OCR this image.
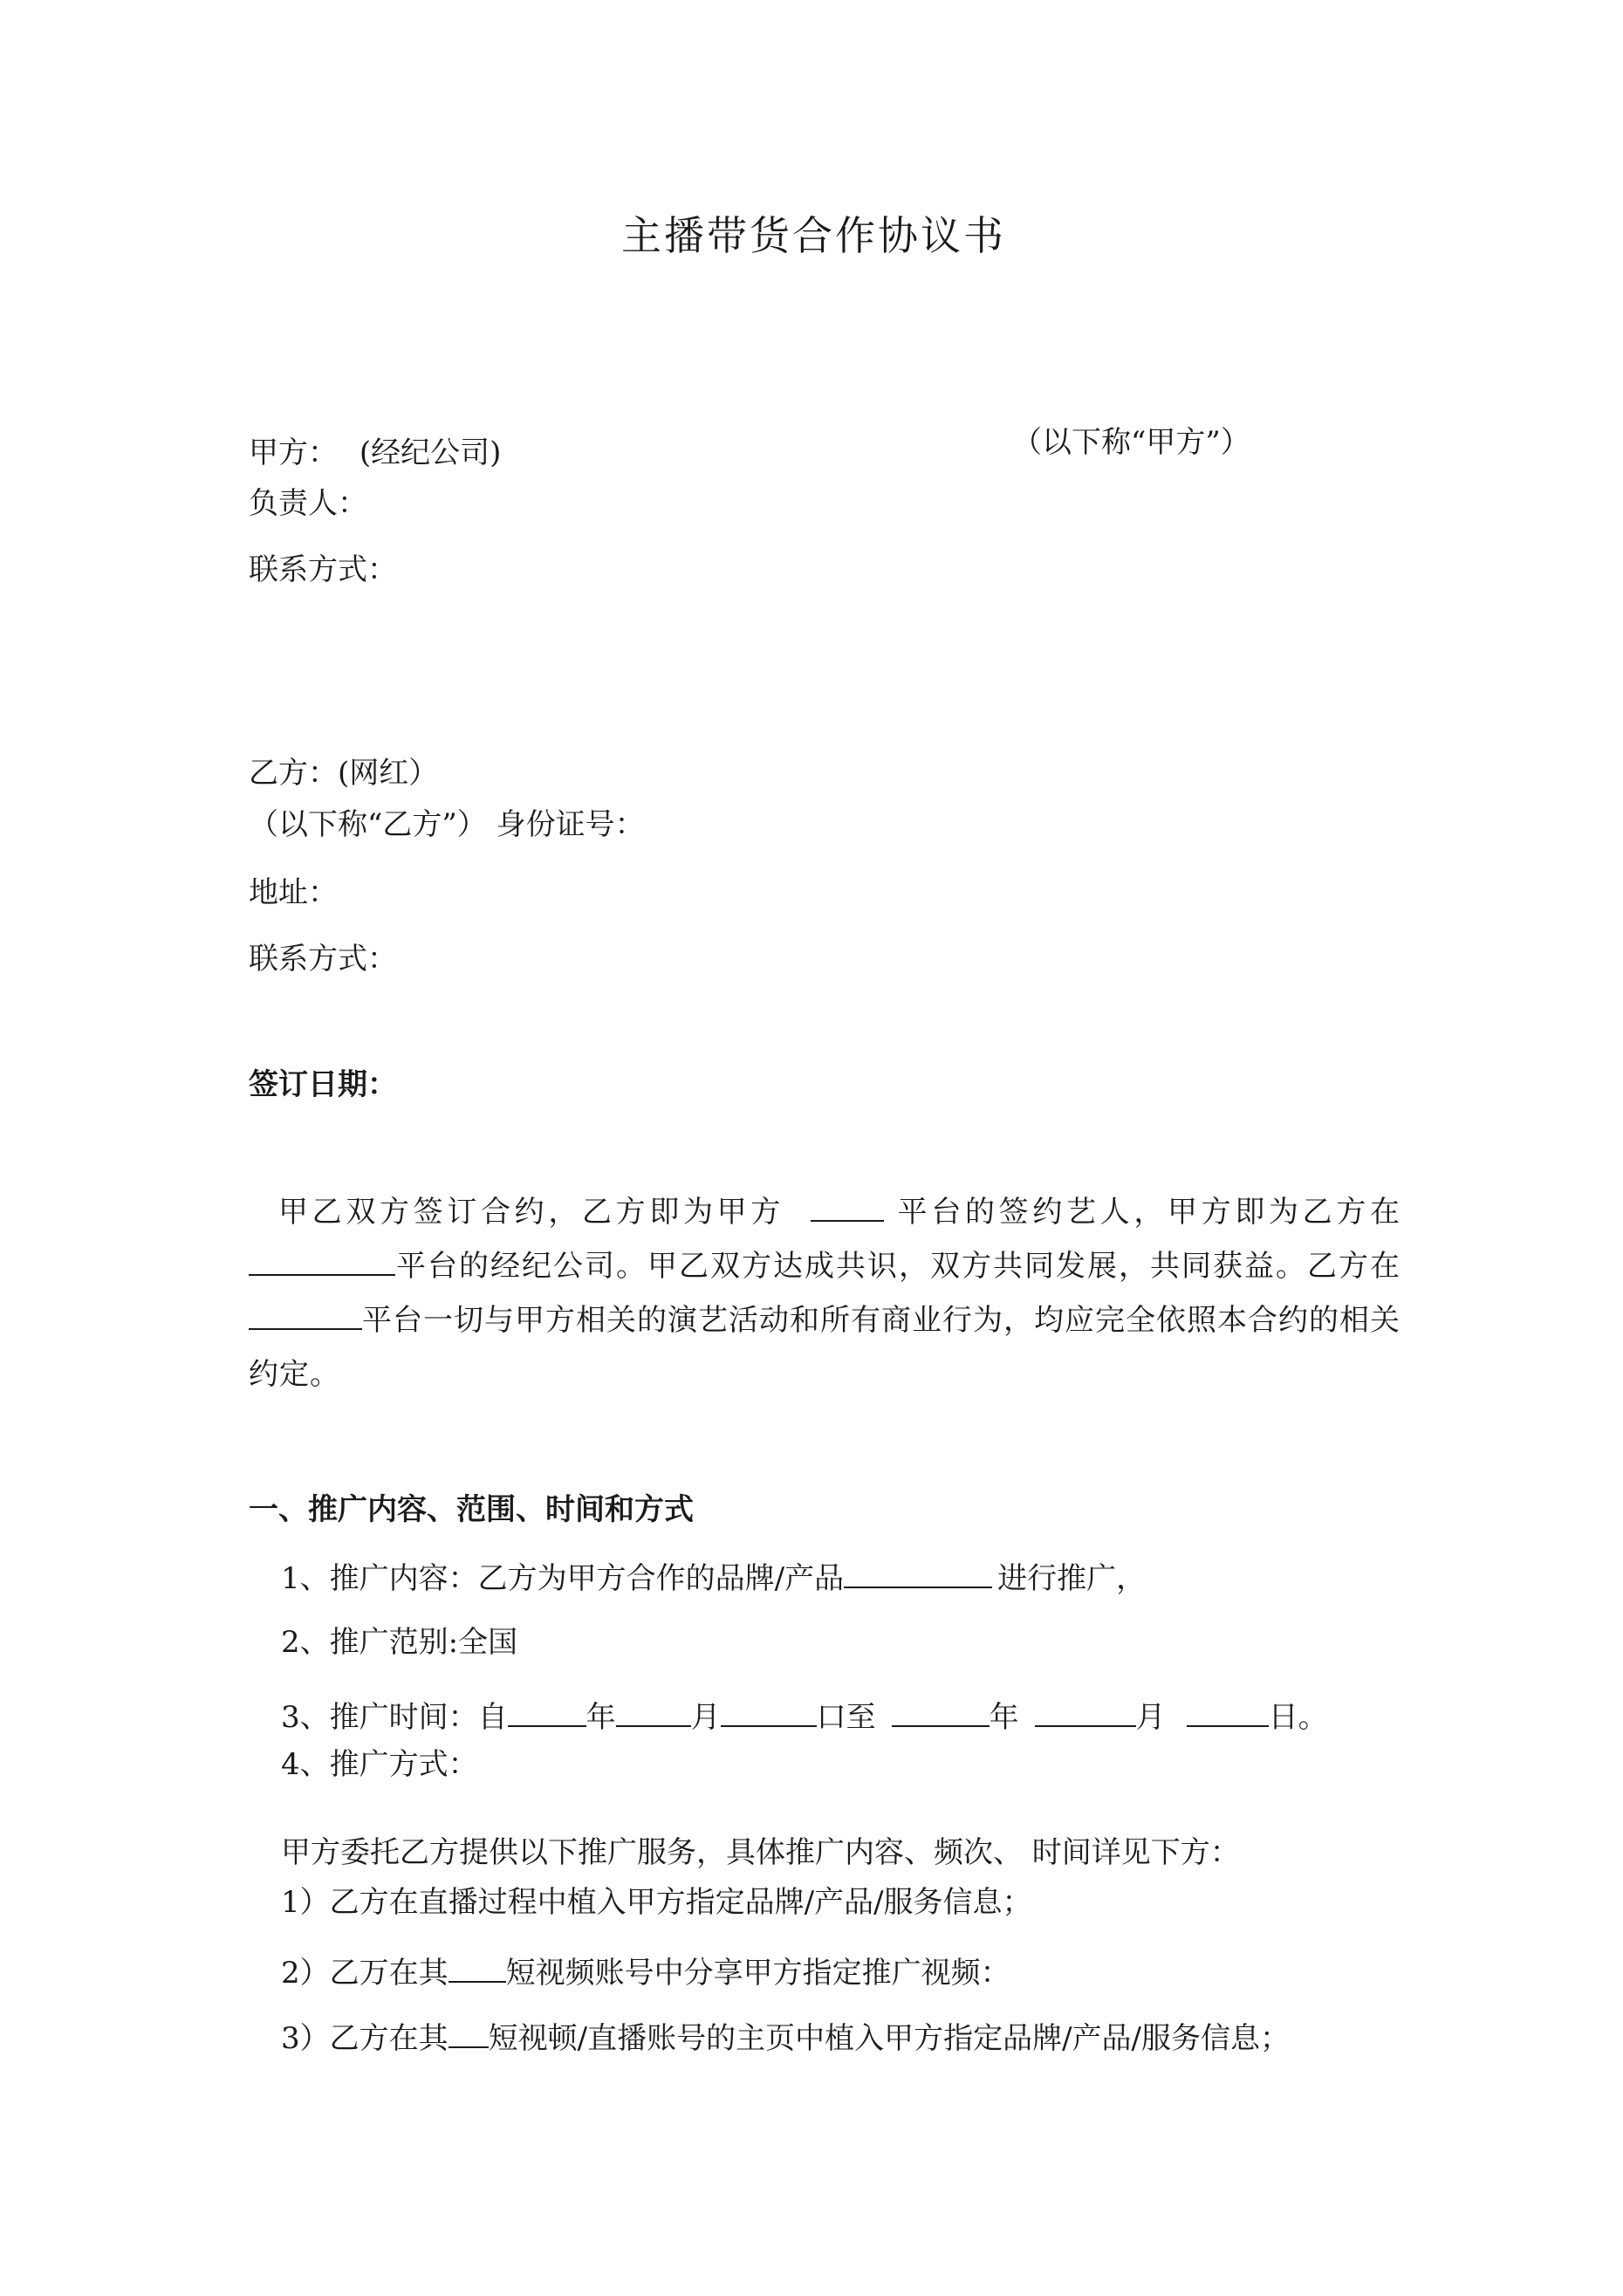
主播带货合作协议书

甲方： (经纪公司)	（以下称“甲方”）

负责人：

联系方式：

乙方：(网红）

（以下称“乙方”） 身份证号：

地址：

联系方式：

签订日期：

甲乙双方签订合约，乙方即为甲方	平台的签约艺人，甲方即为乙方在平台的经纪公司。甲乙双方达成共识，双方共同发展，共同获益。乙方在平台一切与甲方相关的演艺活动和所有商业行为，均应完全依照本合约的相关约定。

一、推广内容、范围、时间和方式

1、推广内容：乙方为甲方合作的品牌/产品	进行推广，

2、推广范别:全国

3、推广时间：自	年	月	口至	年	月	日。

4、推广方式：

甲方委托乙方提供以下推广服务，具体推广内容、频次、 时间详见下方：

1）乙方在直播过程中植入甲方指定品牌/产品/服务信息；

2）乙万在其 短视频账号中分享甲方指定推广视频：

3）乙方在其 短视顿/直播账号的主页中植入甲方指定品牌/产品/服务信息；
